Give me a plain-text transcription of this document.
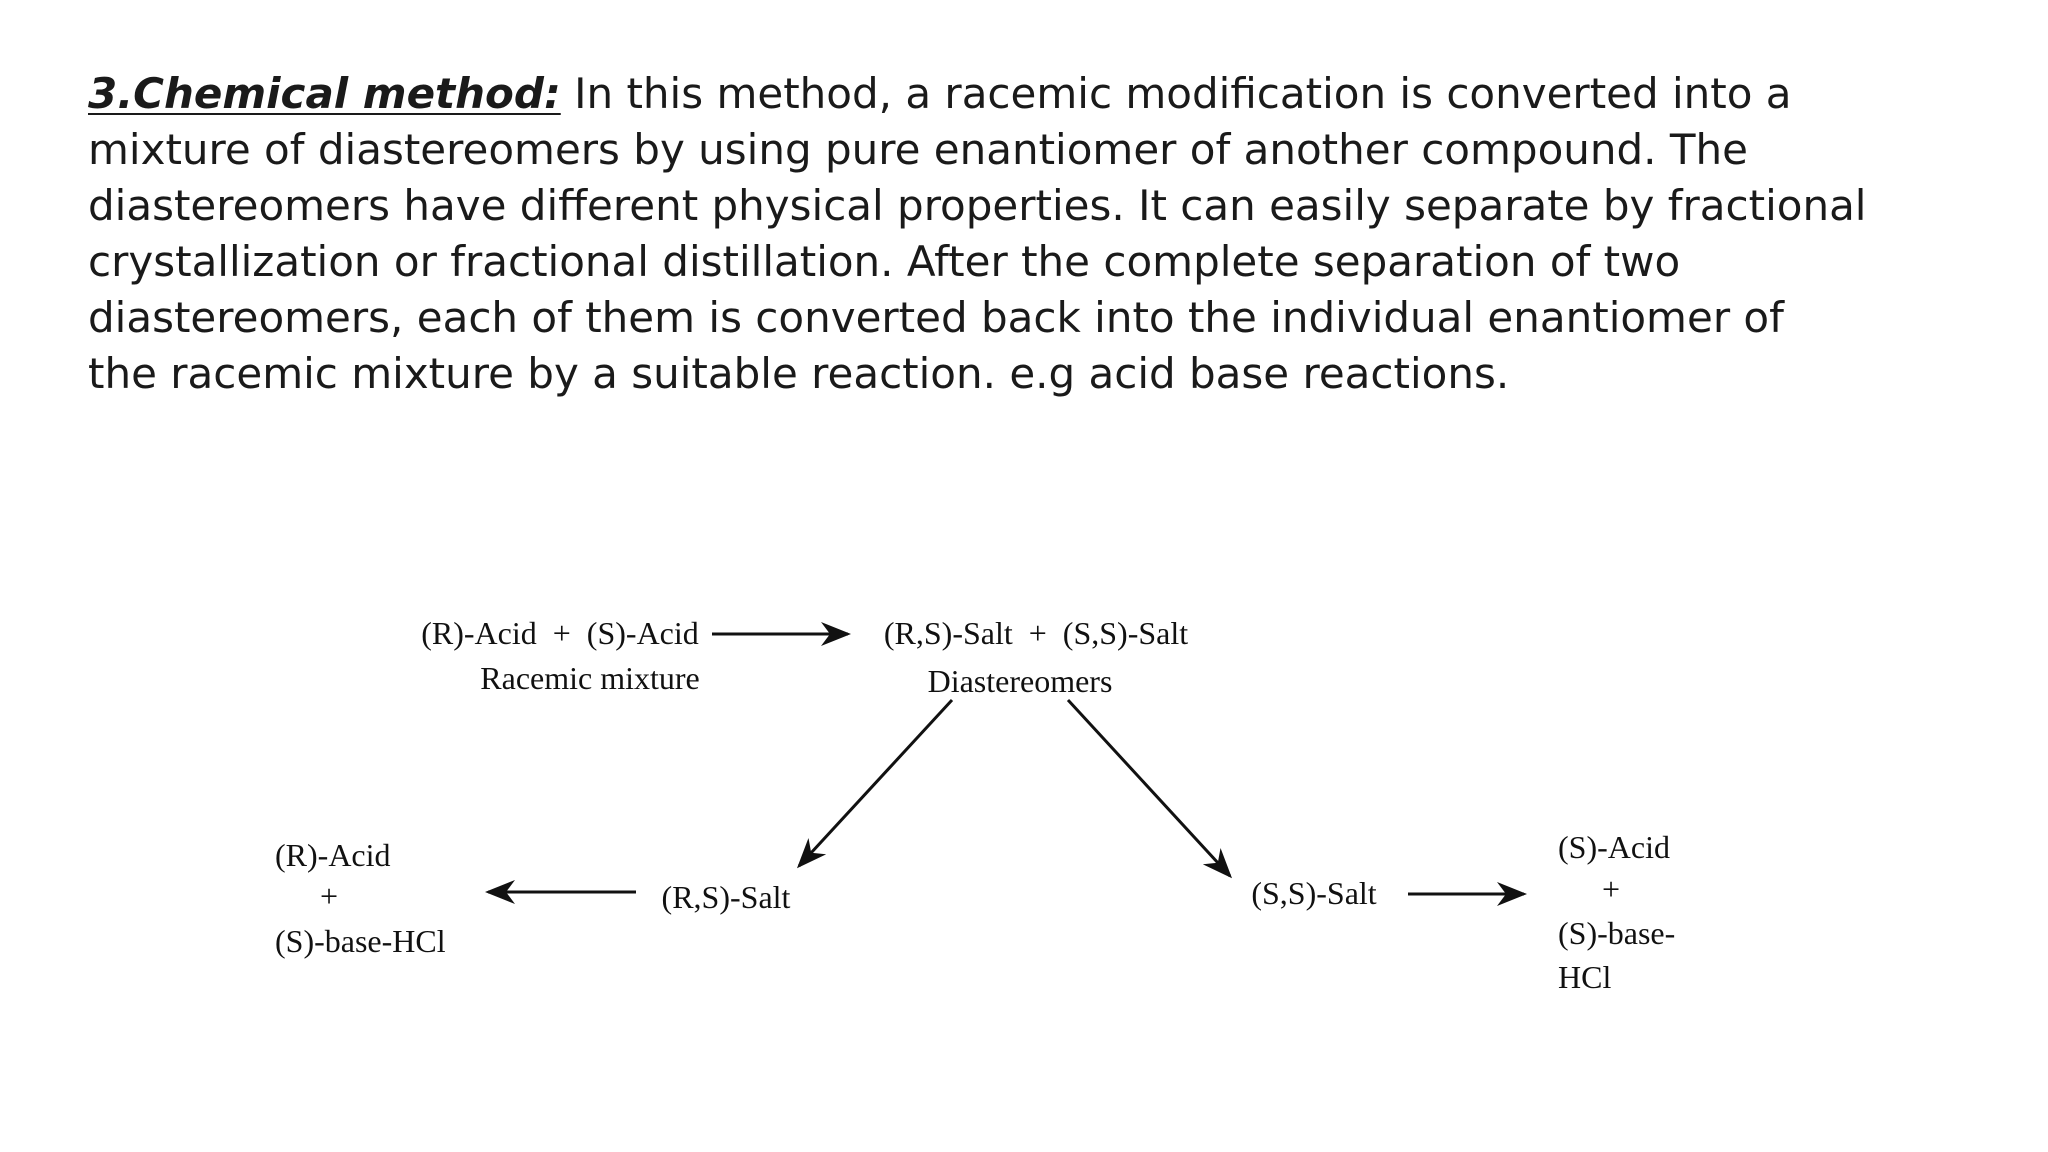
3.Chemical method: In this method, a racemic modification is converted into a
mixture of diastereomers by using pure enantiomer of another compound. The
diastereomers have different physical properties. It can easily separate by fractional
crystallization or fractional distillation. After the complete separation of two
diastereomers, each of them is converted back into the individual enantiomer of
the racemic mixture by a suitable reaction. e.g acid base reactions.
(R)-Acid  +  (S)-Acid
Racemic mixture
(R,S)-Salt  +  (S,S)-Salt
Diastereomers
(R,S)-Salt
(R)-Acid
+
(S)-base-HCl
(S,S)-Salt
(S)-Acid
+
(S)-base-
HCl
